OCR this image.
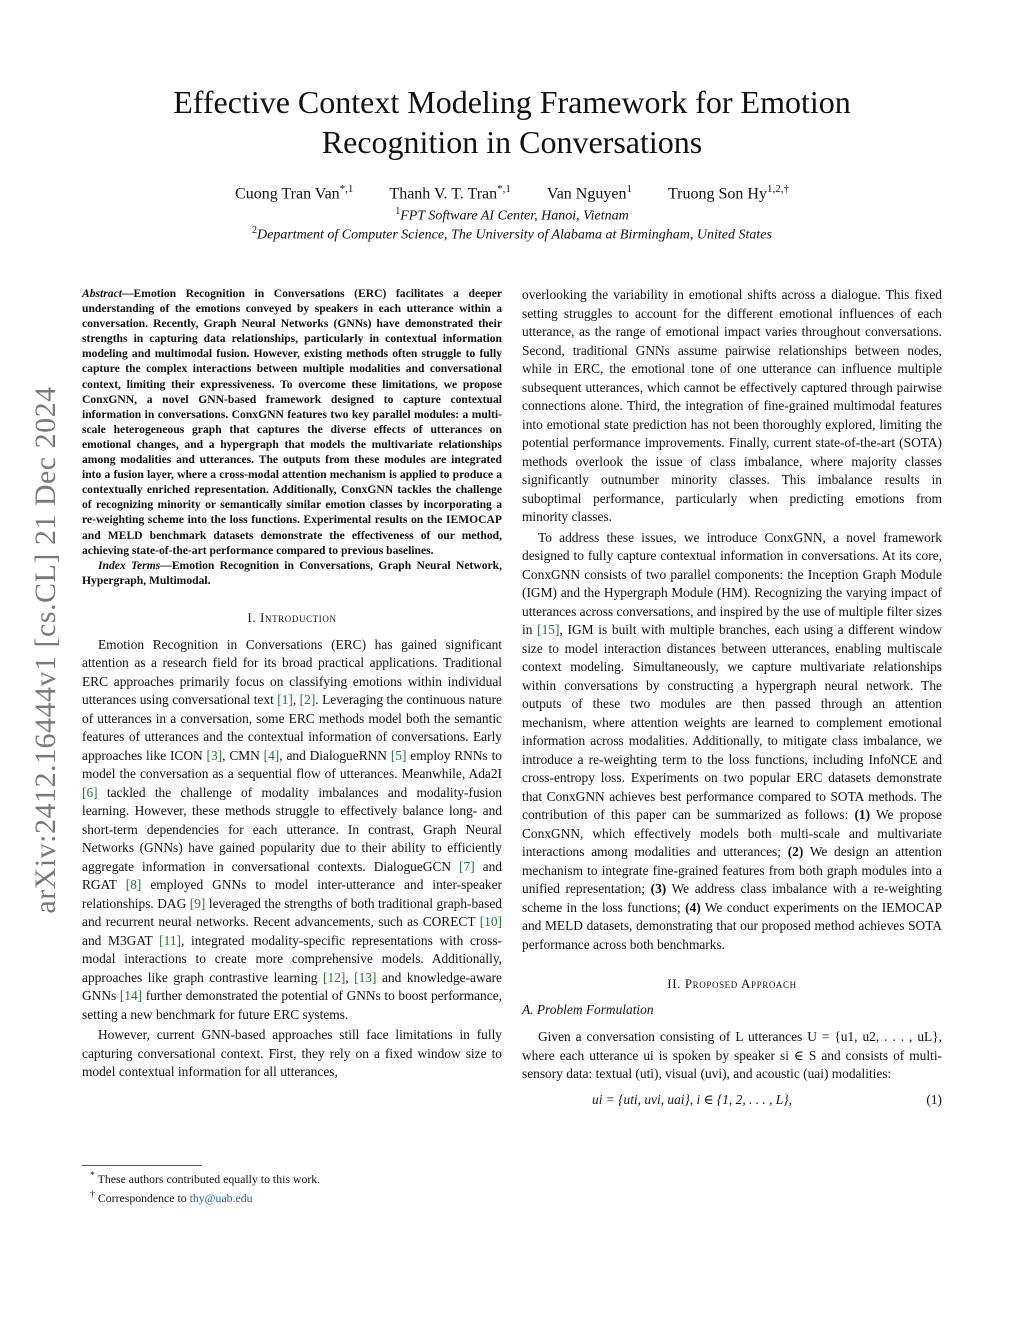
arXiv:2412.16444v1 [cs.CL] 21 Dec 2024
Effective Context Modeling Framework for Emotion
Recognition in Conversations
Cuong Tran Van$^{*,1}$ Thanh V. T. Tran$^{*,1}$ Van Nguyen$^1$ Truong Son $Hy^{1,2,\dagger}$
$^1$FPT Software AI Center, Hanoi, Vietnam
$^2$Department of Computer Science, The University of Alabama at Birmingham, United States

Abstract—Emotion Recognition in Conversations (ERC) facilitates a deeper understanding of the emotions conveyed by speakers in each utterance within a conversation. Recently, Graph Neural Networks (GNNs) have demonstrated their strengths in capturing data relationships, particularly in contextual information modeling and multimodal fusion. However, existing methods often struggle to fully capture the complex interactions between multiple modalities and conversational context, limiting their expressiveness. To overcome these limitations, we propose ConxGNN, a novel GNN-based framework designed to capture contextual information in conversations. ConxGNN features two key parallel modules: a multi-scale heterogeneous graph that captures the diverse effects of utterances on emotional changes, and a hypergraph that models the multivariate relationships among modalities and utterances. The outputs from these modules are integrated into a fusion layer, where a cross-modal attention mechanism is applied to produce a contextually enriched representation. Additionally, ConxGNN tackles the challenge of recognizing minority or semantically similar emotion classes by incorporating a re-weighting scheme into the loss functions. Experimental results on the IEMOCAP and MELD benchmark datasets demonstrate the effectiveness of our method, achieving state-of-the-art performance compared to previous baselines.

Index Terms—Emotion Recognition in Conversations, Graph Neural Network, Hypergraph, Multimodal.

I. Introduction

Emotion Recognition in Conversations (ERC) has gained significant attention as a research field for its broad practical applications. Traditional ERC approaches primarily focus on classifying emotions within individual utterances using conversational text [1], [2]. Leveraging the continuous nature of utterances in a conversation, some ERC methods model both the semantic features of utterances and the contextual information of conversations. Early approaches like ICON [3], CMN [4], and DialogueRNN [5] employ RNNs to model the conversation as a sequential flow of utterances. Meanwhile, Ada2I [6] tackled the challenge of modality imbalances and modality-fusion learning. However, these methods struggle to effectively balance long- and short-term dependencies for each utterance. In contrast, Graph Neural Networks (GNNs) have gained popularity due to their ability to efficiently aggregate information in conversational contexts. DialogueGCN [7] and RGAT [8] employed GNNs to model inter-utterance and inter-speaker relationships. DAG [9] leveraged the strengths of both traditional graph-based and recurrent neural networks. Recent advancements, such as CORECT [10] and M3GAT [11], integrated modality-specific representations with cross-modal interactions to create more comprehensive models. Additionally, approaches like graph contrastive learning [12], [13] and knowledge-aware GNNs [14] further demonstrated the potential of GNNs to boost performance, setting a new benchmark for future ERC systems.

However, current GNN-based approaches still face limitations in fully capturing conversational context. First, they rely on a fixed window size to model contextual information for all utterances,

* These authors contributed equally to this work.
† Correspondence to thy@uab.edu

overlooking the variability in emotional shifts across a dialogue. This fixed setting struggles to account for the different emotional influences of each utterance, as the range of emotional impact varies throughout conversations. Second, traditional GNNs assume pairwise relationships between nodes, while in ERC, the emotional tone of one utterance can influence multiple subsequent utterances, which cannot be effectively captured through pairwise connections alone. Third, the integration of fine-grained multimodal features into emotional state prediction has not been thoroughly explored, limiting the potential performance improvements. Finally, current state-of-the-art (SOTA) methods overlook the issue of class imbalance, where majority classes significantly outnumber minority classes. This imbalance results in suboptimal performance, particularly when predicting emotions from minority classes.

To address these issues, we introduce ConxGNN, a novel framework designed to fully capture contextual information in conversations. At its core, ConxGNN consists of two parallel components: the Inception Graph Module (IGM) and the Hypergraph Module (HM). Recognizing the varying impact of utterances across conversations, and inspired by the use of multiple filter sizes in [15], IGM is built with multiple branches, each using a different window size to model interaction distances between utterances, enabling multiscale context modeling. Simultaneously, we capture multivariate relationships within conversations by constructing a hypergraph neural network. The outputs of these two modules are then passed through an attention mechanism, where attention weights are learned to complement emotional information across modalities. Additionally, to mitigate class imbalance, we introduce a re-weighting term to the loss functions, including InfoNCE and cross-entropy loss. Experiments on two popular ERC datasets demonstrate that ConxGNN achieves best performance compared to SOTA methods. The contribution of this paper can be summarized as follows: (1) We propose ConxGNN, which effectively models both multi-scale and multivariate interactions among modalities and utterances; (2) We design an attention mechanism to integrate fine-grained features from both graph modules into a unified representation; (3) We address class imbalance with a re-weighting scheme in the loss functions; (4) We conduct experiments on the IEMOCAP and MELD datasets, demonstrating that our proposed method achieves SOTA performance across both benchmarks.

II. Proposed Approach
A. Problem Formulation

Given a conversation consisting of L utterances U = {u1, u2, . . . , uL}, where each utterance ui is spoken by speaker si ∈ S and consists of multi-sensory data: textual (uti), visual (uvi), and acoustic (uai) modalities:

ui = {uti, uvi, uai}, i ∈ {1, 2, . . . , L},	(1)
